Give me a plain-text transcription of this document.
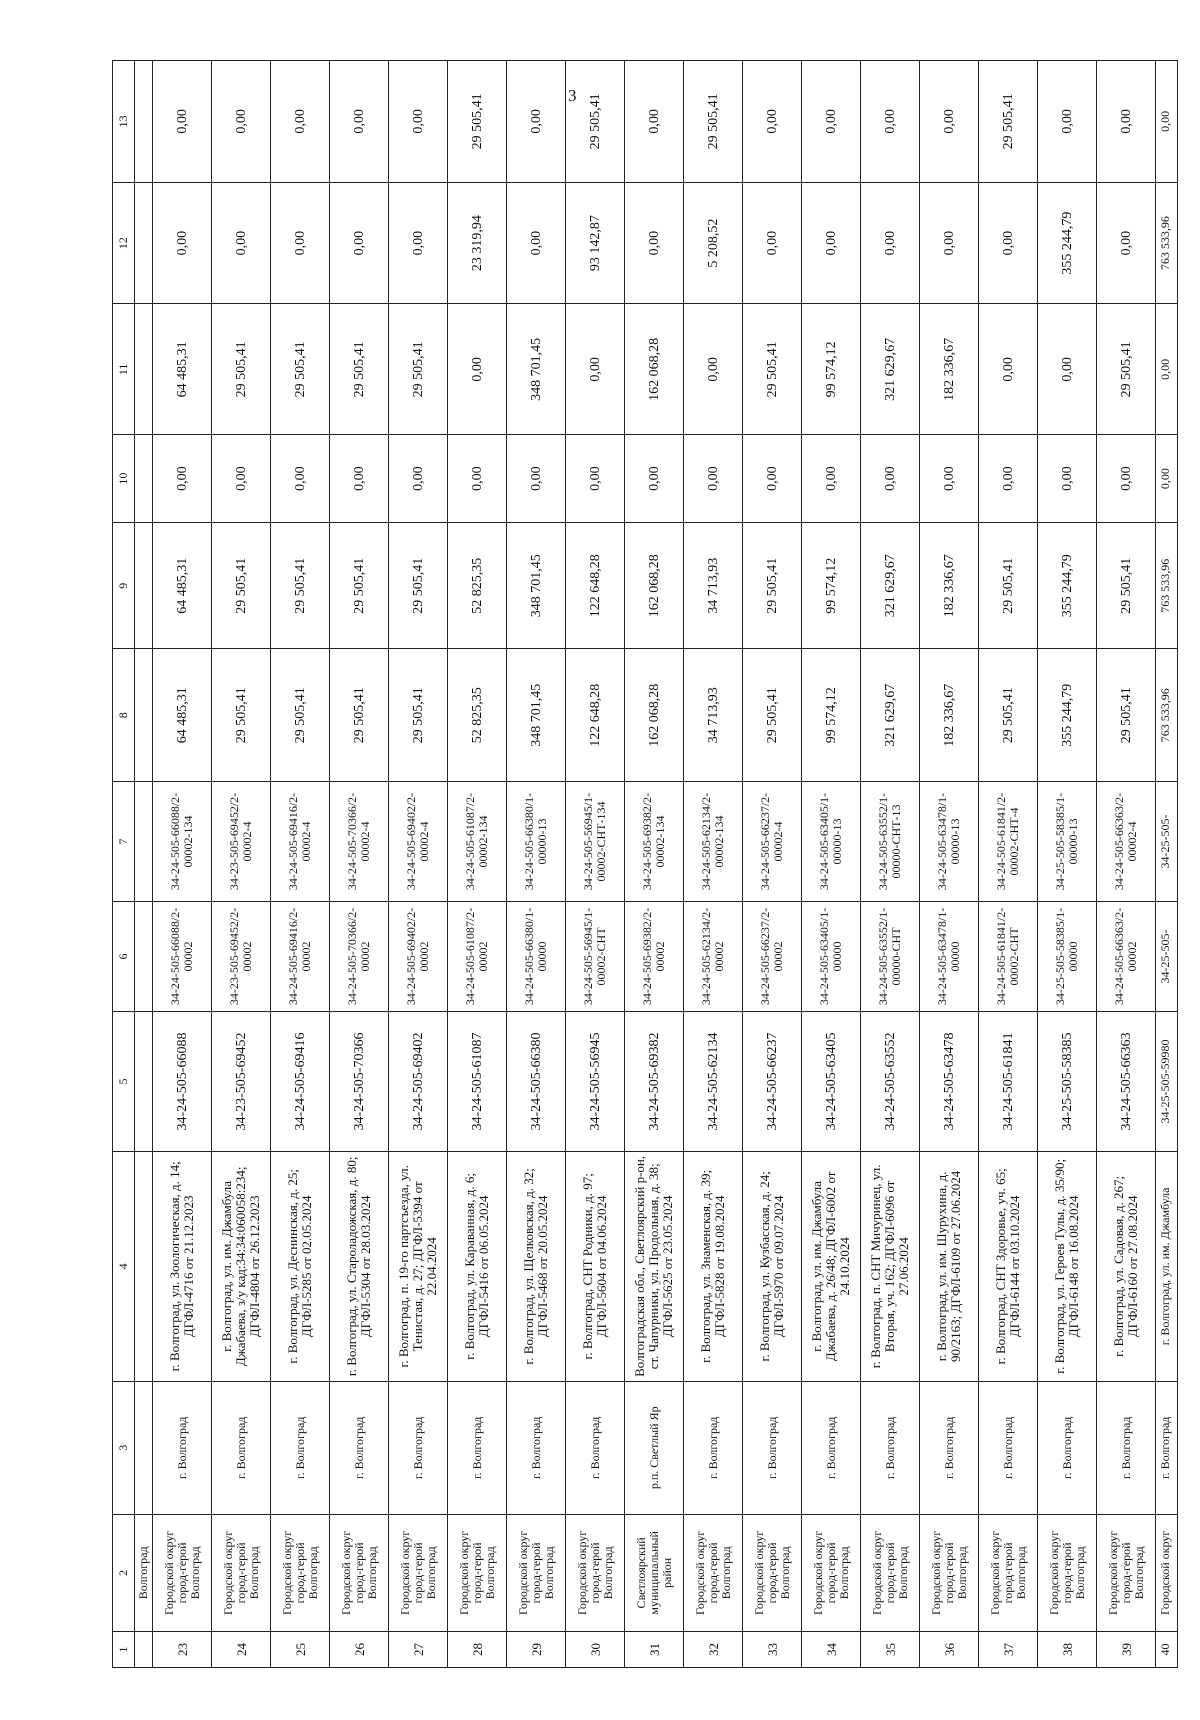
3
1	2	3	4	5	6	7	8	9	10	11	12	13
	Волгоград											
23	Городской округ город-герой Волгоград	г. Волгоград	г. Волгоград, ул. Зоологическая, д. 14; ДГФЛ-4716 от 21.12.2023	34-24-505-66088	34-24-505-66088/2-00002	34-24-505-66088/2-00002-134	64 485,31	64 485,31	0,00	64 485,31	0,00	0,00
24	Городской округ город-герой Волгоград	г. Волгоград	г. Волгоград, ул. им. Джамбула Джабаева, з/у кад:34:34:060058:234; ДГФЛ-4804 от 26.12.2023	34-23-505-69452	34-23-505-69452/2-00002	34-23-505-69452/2-00002-4	29 505,41	29 505,41	0,00	29 505,41	0,00	0,00
25	Городской округ город-герой Волгоград	г. Волгоград	г. Волгоград, ул. Деснинская, д. 25; ДГФЛ-5285 от 02.05.2024	34-24-505-69416	34-24-505-69416/2-00002	34-24-505-69416/2-00002-4	29 505,41	29 505,41	0,00	29 505,41	0,00	0,00
26	Городской округ город-герой Волгоград	г. Волгоград	г. Волгоград, ул. Староладожская, д. 80; ДГФЛ-5304 от 28.03.2024	34-24-505-70366	34-24-505-70366/2-00002	34-24-505-70366/2-00002-4	29 505,41	29 505,41	0,00	29 505,41	0,00	0,00
27	Городской округ город-герой Волгоград	г. Волгоград	г. Волгоград, п. 19-го партсъезда, ул. Тенистая, д. 27; ДГФЛ-5394 от 22.04.2024	34-24-505-69402	34-24-505-69402/2-00002	34-24-505-69402/2-00002-4	29 505,41	29 505,41	0,00	29 505,41	0,00	0,00
28	Городской округ город-герой Волгоград	г. Волгоград	г. Волгоград, ул. Караванная, д. 6; ДГФЛ-5416 от 06.05.2024	34-24-505-61087	34-24-505-61087/2-00002	34-24-505-61087/2-00002-134	52 825,35	52 825,35	0,00	0,00	23 319,94	29 505,41
29	Городской округ город-герой Волгоград	г. Волгоград	г. Волгоград, ул. Щелковская, д. 32; ДГФЛ-5468 от 20.05.2024	34-24-505-66380	34-24-505-66380/1-00000	34-24-505-66380/1-00000-13	348 701,45	348 701,45	0,00	348 701,45	0,00	0,00
30	Городской округ город-герой Волгоград	г. Волгоград	г. Волгоград, СНТ Родники, д. 97; ДГФЛ-5604 от 04.06.2024	34-24-505-56945	34-24-505-56945/1-00002-СНТ	34-24-505-56945/1-00002-СНТ-134	122 648,28	122 648,28	0,00	0,00	93 142,87	29 505,41
31	Светлоярский муниципальный район	р.п. Светлый Яр	Волгоградская обл., Светлоярский р-он, ст. Чапурники, ул. Продольная, д. 38; ДГФЛ-5625 от 23.05.2024	34-24-505-69382	34-24-505-69382/2-00002	34-24-505-69382/2-00002-134	162 068,28	162 068,28	0,00	162 068,28	0,00	0,00
32	Городской округ город-герой Волгоград	г. Волгоград	г. Волгоград, ул. Знаменская, д. 39; ДГФЛ-5828 от 19.08.2024	34-24-505-62134	34-24-505-62134/2-00002	34-24-505-62134/2-00002-134	34 713,93	34 713,93	0,00	0,00	5 208,52	29 505,41
33	Городской округ город-герой Волгоград	г. Волгоград	г. Волгоград, ул. Кузбасская, д. 24; ДГФЛ-5970 от 09.07.2024	34-24-505-66237	34-24-505-66237/2-00002	34-24-505-66237/2-00002-4	29 505,41	29 505,41	0,00	29 505,41	0,00	0,00
34	Городской округ город-герой Волгоград	г. Волгоград	г. Волгоград, ул. им. Джамбула Джабаева, д. 26/48; ДГФЛ-6002 от 24.10.2024	34-24-505-63405	34-24-505-63405/1-00000	34-24-505-63405/1-00000-13	99 574,12	99 574,12	0,00	99 574,12	0,00	0,00
35	Городской округ город-герой Волгоград	г. Волгоград	г. Волгоград, п. СНТ Мичуринец, ул. Вторая, уч. 162; ДГФЛ-6096 от 27.06.2024	34-24-505-63552	34-24-505-63552/1-00000-СНТ	34-24-505-63552/1-00000-СНТ-13	321 629,67	321 629,67	0,00	321 629,67	0,00	0,00
36	Городской округ город-герой Волгоград	г. Волгоград	г. Волгоград, ул. им. Шурухина, д. 90/2163; ДГФЛ-6109 от 27.06.2024	34-24-505-63478	34-24-505-63478/1-00000	34-24-505-63478/1-00000-13	182 336,67	182 336,67	0,00	182 336,67	0,00	0,00
37	Городской округ город-герой Волгоград	г. Волгоград	г. Волгоград, СНТ Здоровье, уч. 65; ДГФЛ-6144 от 03.10.2024	34-24-505-61841	34-24-505-61841/2-00002-СНТ	34-24-505-61841/2-00002-СНТ-4	29 505,41	29 505,41	0,00	0,00	0,00	29 505,41
38	Городской округ город-герой Волгоград	г. Волгоград	г. Волгоград, ул. Героев Тулы, д. 35/90; ДГФЛ-6148 от 16.08.2024	34-25-505-58385	34-25-505-58385/1-00000	34-25-505-58385/1-00000-13	355 244,79	355 244,79	0,00	0,00	355 244,79	0,00
39	Городской округ город-герой Волгоград	г. Волгоград	г. Волгоград, ул. Садовая, д. 267; ДГФЛ-6160 от 27.08.2024	34-24-505-66363	34-24-505-66363/2-00002	34-24-505-66363/2-00002-4	29 505,41	29 505,41	0,00	29 505,41	0,00	0,00
40	Городской округ	г. Волгоград	г. Волгоград, ул. им. Джамбула	34-25-505-59980	34-25-505-	34-25-505-	763 533,96	763 533,96	0,00	0,00	763 533,96	0,00
